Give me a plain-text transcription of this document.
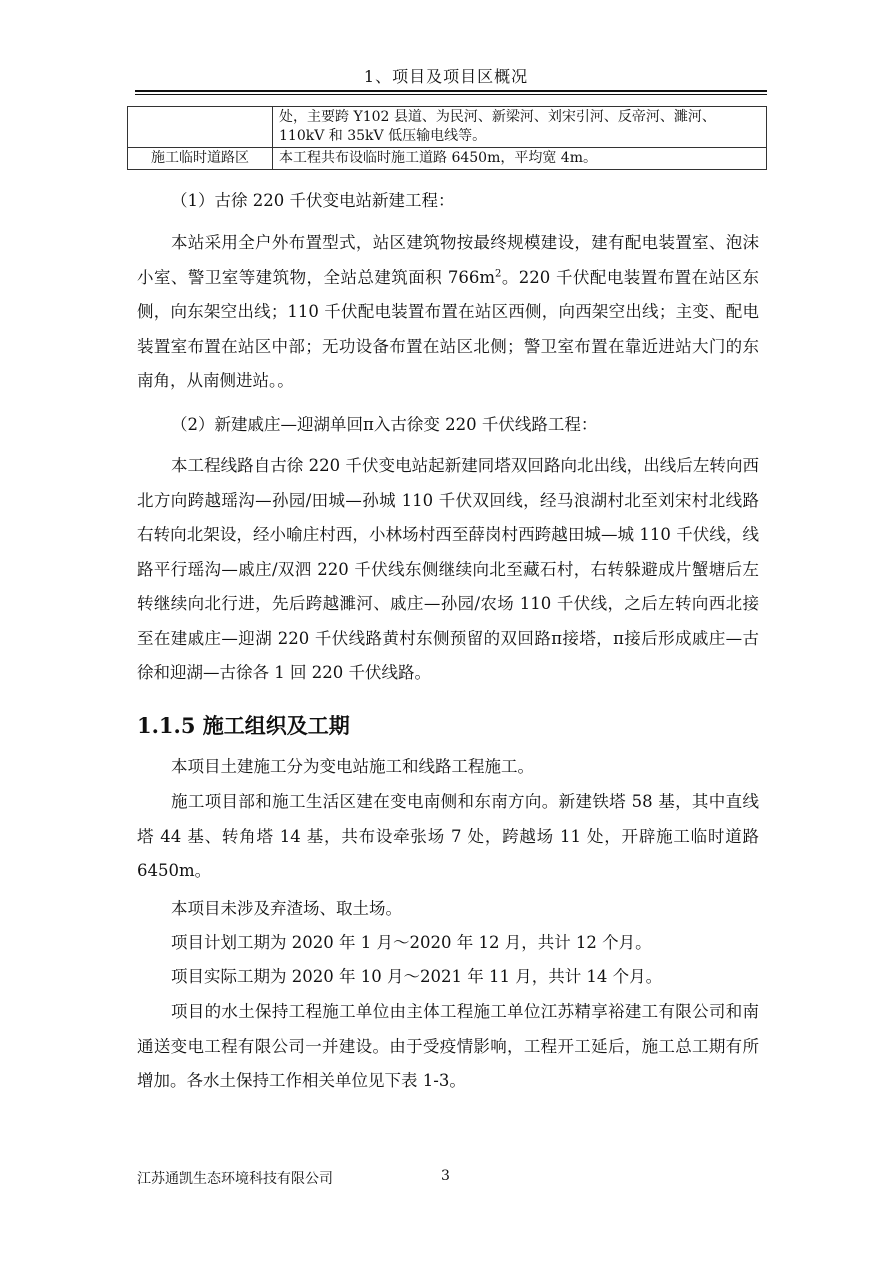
1、项目及项目区概况
	处，主要跨 Y102 县道、为民河、新梁河、刘宋引河、反帝河、濉河、110kV 和 35kV 低压输电线等。
施工临时道路区	本工程共布设临时施工道路 6450m，平均宽 4m。

（1）古徐 220 千伏变电站新建工程：

本站采用全户外布置型式，站区建筑物按最终规模建设，建有配电装置室、泡沫小室、警卫室等建筑物，全站总建筑面积 $766m^2$。220 千伏配电装置布置在站区东侧，向东架空出线；110 千伏配电装置布置在站区西侧，向西架空出线；主变、配电装置室布置在站区中部；无功设备布置在站区北侧；警卫室布置在靠近进站大门的东南角，从南侧进站。。

（2）新建戚庄—迎湖单回π入古徐变 220 千伏线路工程：

本工程线路自古徐 220 千伏变电站起新建同塔双回路向北出线，出线后左转向西北方向跨越瑶沟—孙园/田城—孙城 110 千伏双回线，经马浪湖村北至刘宋村北线路右转向北架设，经小喻庄村西，小林场村西至薛岗村西跨越田城—城 110 千伏线，线路平行瑶沟—戚庄/双泗 220 千伏线东侧继续向北至藏石村，右转躲避成片蟹塘后左转继续向北行进，先后跨越濉河、戚庄—孙园/农场 110 千伏线，之后左转向西北接至在建戚庄—迎湖 220 千伏线路黄村东侧预留的双回路π接塔，π接后形成戚庄—古徐和迎湖—古徐各 1 回 220 千伏线路。

1.1.5 施工组织及工期

本项目土建施工分为变电站施工和线路工程施工。

施工项目部和施工生活区建在变电南侧和东南方向。新建铁塔 58 基，其中直线塔 44 基、转角塔 14 基，共布设牵张场 7 处，跨越场 11 处，开辟施工临时道路 6450m。

本项目未涉及弃渣场、取土场。

项目计划工期为 2020 年 1 月～2020 年 12 月，共计 12 个月。

项目实际工期为 2020 年 10 月～2021 年 11 月，共计 14 个月。

项目的水土保持工程施工单位由主体工程施工单位江苏精享裕建工有限公司和南通送变电工程有限公司一并建设。由于受疫情影响，工程开工延后，施工总工期有所增加。各水土保持工作相关单位见下表 1-3。

江苏通凯生态环境科技有限公司	3
